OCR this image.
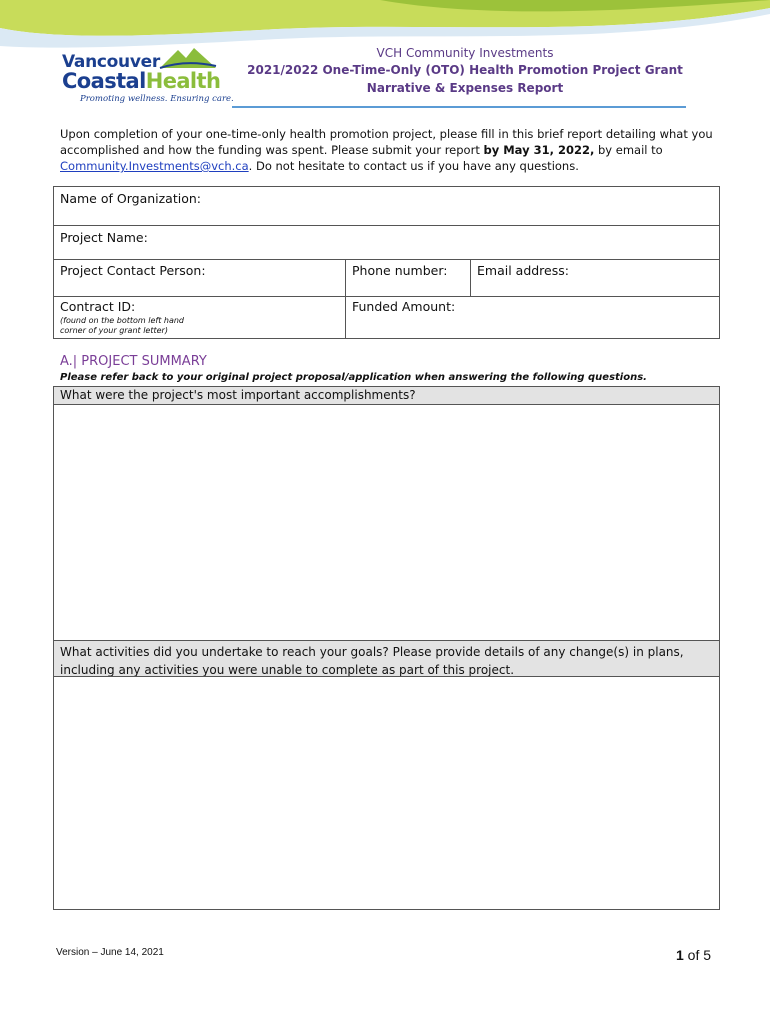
Vancouver
CoastalHealth
Promoting wellness. Ensuring care.
VCH Community Investments
2021/2022 One-Time-Only (OTO) Health Promotion Project Grant
Narrative & Expenses Report
Upon completion of your one-time-only health promotion project, please fill in this brief report detailing what you accomplished and how the funding was spent. Please submit your report by May 31, 2022, by email to Community.Investments@vch.ca. Do not hesitate to contact us if you have any questions.
Name of Organization:
Project Name:
Project Contact Person:	Phone number: Email address:
Contract ID:
(found on the bottom left hand corner of your grant letter)
Funded Amount:
A.| PROJECT SUMMARY
Please refer back to your original project proposal/application when answering the following questions.
What were the project's most important accomplishments?
What activities did you undertake to reach your goals? Please provide details of any change(s) in plans, including any activities you were unable to complete as part of this project.
Version – June 14, 2021	1 of 5
